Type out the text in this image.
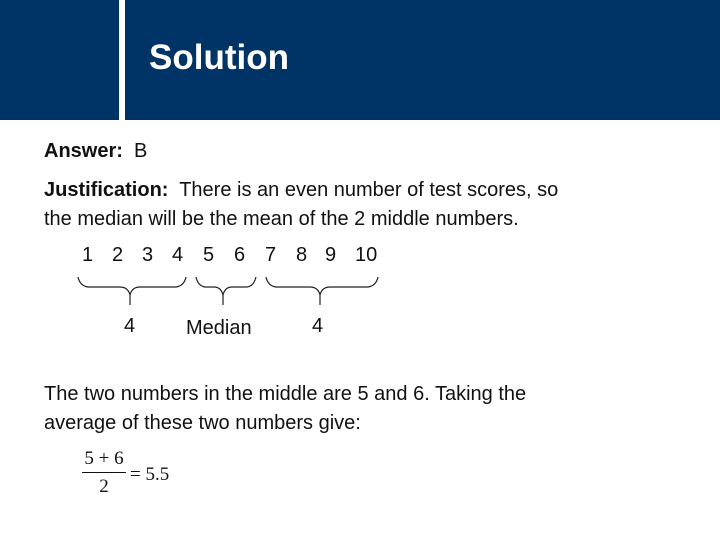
Solution
Answer: B
Justification: There is an even number of test scores, so
the median will be the mean of the 2 middle numbers.
1 2 3 4 5 6 7 8 9 10
4	Median	4
The two numbers in the middle are 5 and 6. Taking the
average of these two numbers give:
5 + 6
2
= 5.5
